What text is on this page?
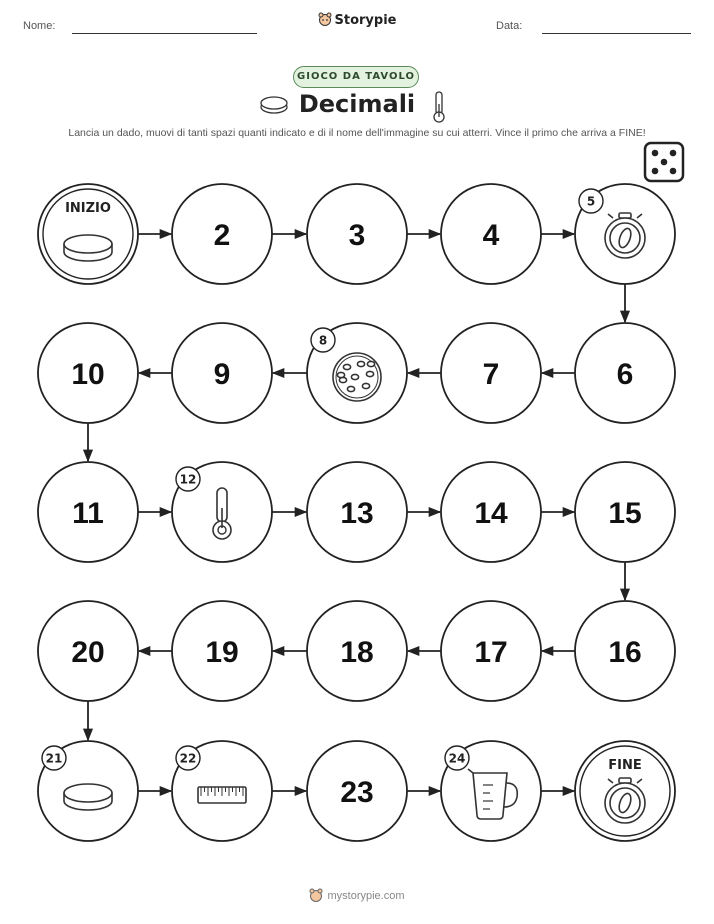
Nome:	Storypie	Data:
GIOCO DA TAVOLO
Decimali
Lancia un dado, muovi di tanti spazi quanti indicato e di il nome dell'immagine su cui atterri. Vince il primo che arriva a FINE!
INIZIO
2	3	4
5
6
7
8
9
10
11
12
13	14	15
16
17
18
19
20
21	22
23
24	FINE
mystorypie.com
